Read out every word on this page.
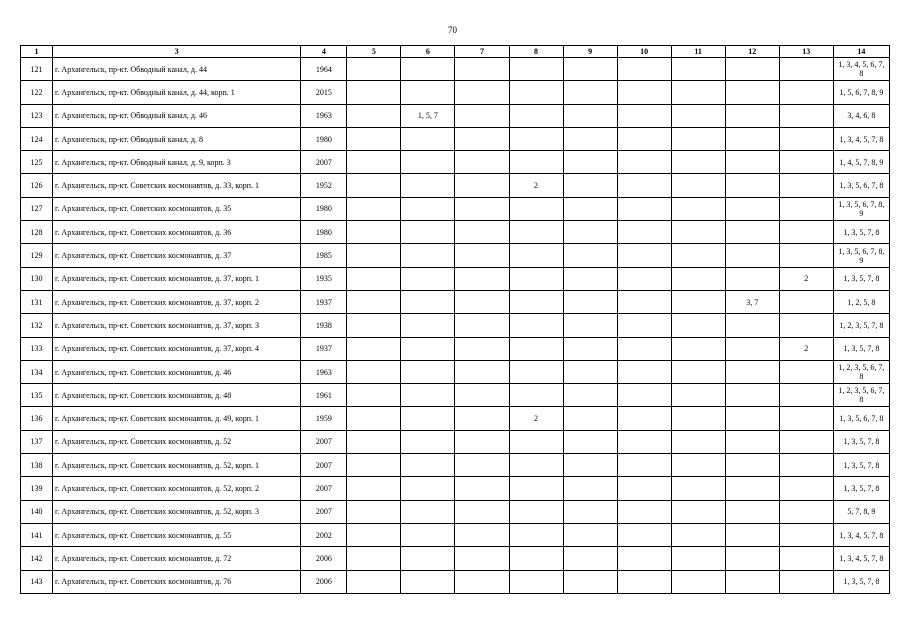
70
1	3	4	5	6	7	8	9	10	11	12	13	14
121	г. Архангельск, пр-кт. Обводный канал, д. 44	1964										1, 3, 4, 5, 6, 7, 8
122	г. Архангельск, пр-кт. Обводный канал, д. 44, корп. 1	2015										1, 5, 6, 7, 8, 9
123	г. Архангельск, пр-кт. Обводный канал, д. 46	1963		1, 5, 7								3, 4, 6, 8
124	г. Архангельск, пр-кт. Обводный канал, д. 8	1980										1, 3, 4, 5, 7, 8
125	г. Архангельск, пр-кт. Обводный канал, д. 9, корп. 3	2007										1, 4, 5, 7, 8, 9
126	г. Архангельск, пр-кт. Советских космонавтов, д. 33, корп. 1	1952				2						1, 3, 5, 6, 7, 8
127	г. Архангельск, пр-кт. Советских космонавтов, д. 35	1980										1, 3, 5, 6, 7, 8, 9
128	г. Архангельск, пр-кт. Советских космонавтов, д. 36	1980										1, 3, 5, 7, 8
129	г. Архангельск, пр-кт. Советских космонавтов, д. 37	1985										1, 3, 5, 6, 7, 8, 9
130	г. Архангельск, пр-кт. Советских космонавтов, д. 37, корп. 1	1935									2	1, 3, 5, 7, 8
131	г. Архангельск, пр-кт. Советских космонавтов, д. 37, корп. 2	1937								3, 7		1, 2, 5, 8
132	г. Архангельск, пр-кт. Советских космонавтов, д. 37, корп. 3	1938										1, 2, 3, 5, 7, 8
133	г. Архангельск, пр-кт. Советских космонавтов, д. 37, корп. 4	1937									2	1, 3, 5, 7, 8
134	г. Архангельск, пр-кт. Советских космонавтов, д. 46	1963										1, 2, 3, 5, 6, 7, 8
135	г. Архангельск, пр-кт. Советских космонавтов, д. 48	1961										1, 2, 3, 5, 6, 7, 8
136	г. Архангельск, пр-кт. Советских космонавтов, д. 49, корп. 1	1959				2						1, 3, 5, 6, 7, 8
137	г. Архангельск, пр-кт. Советских космонавтов, д. 52	2007										1, 3, 5, 7, 8
138	г. Архангельск, пр-кт. Советских космонавтов, д. 52, корп. 1	2007										1, 3, 5, 7, 8
139	г. Архангельск, пр-кт. Советских космонавтов, д. 52, корп. 2	2007										1, 3, 5, 7, 8
140	г. Архангельск, пр-кт. Советских космонавтов, д. 52, корп. 3	2007										5, 7, 8, 9
141	г. Архангельск, пр-кт. Советских космонавтов, д. 55	2002										1, 3, 4, 5, 7, 8
142	г. Архангельск, пр-кт. Советских космонавтов, д. 72	2006										1, 3, 4, 5, 7, 8
143	г. Архангельск, пр-кт. Советских космонавтов, д. 76	2006										1, 3, 5, 7, 8
